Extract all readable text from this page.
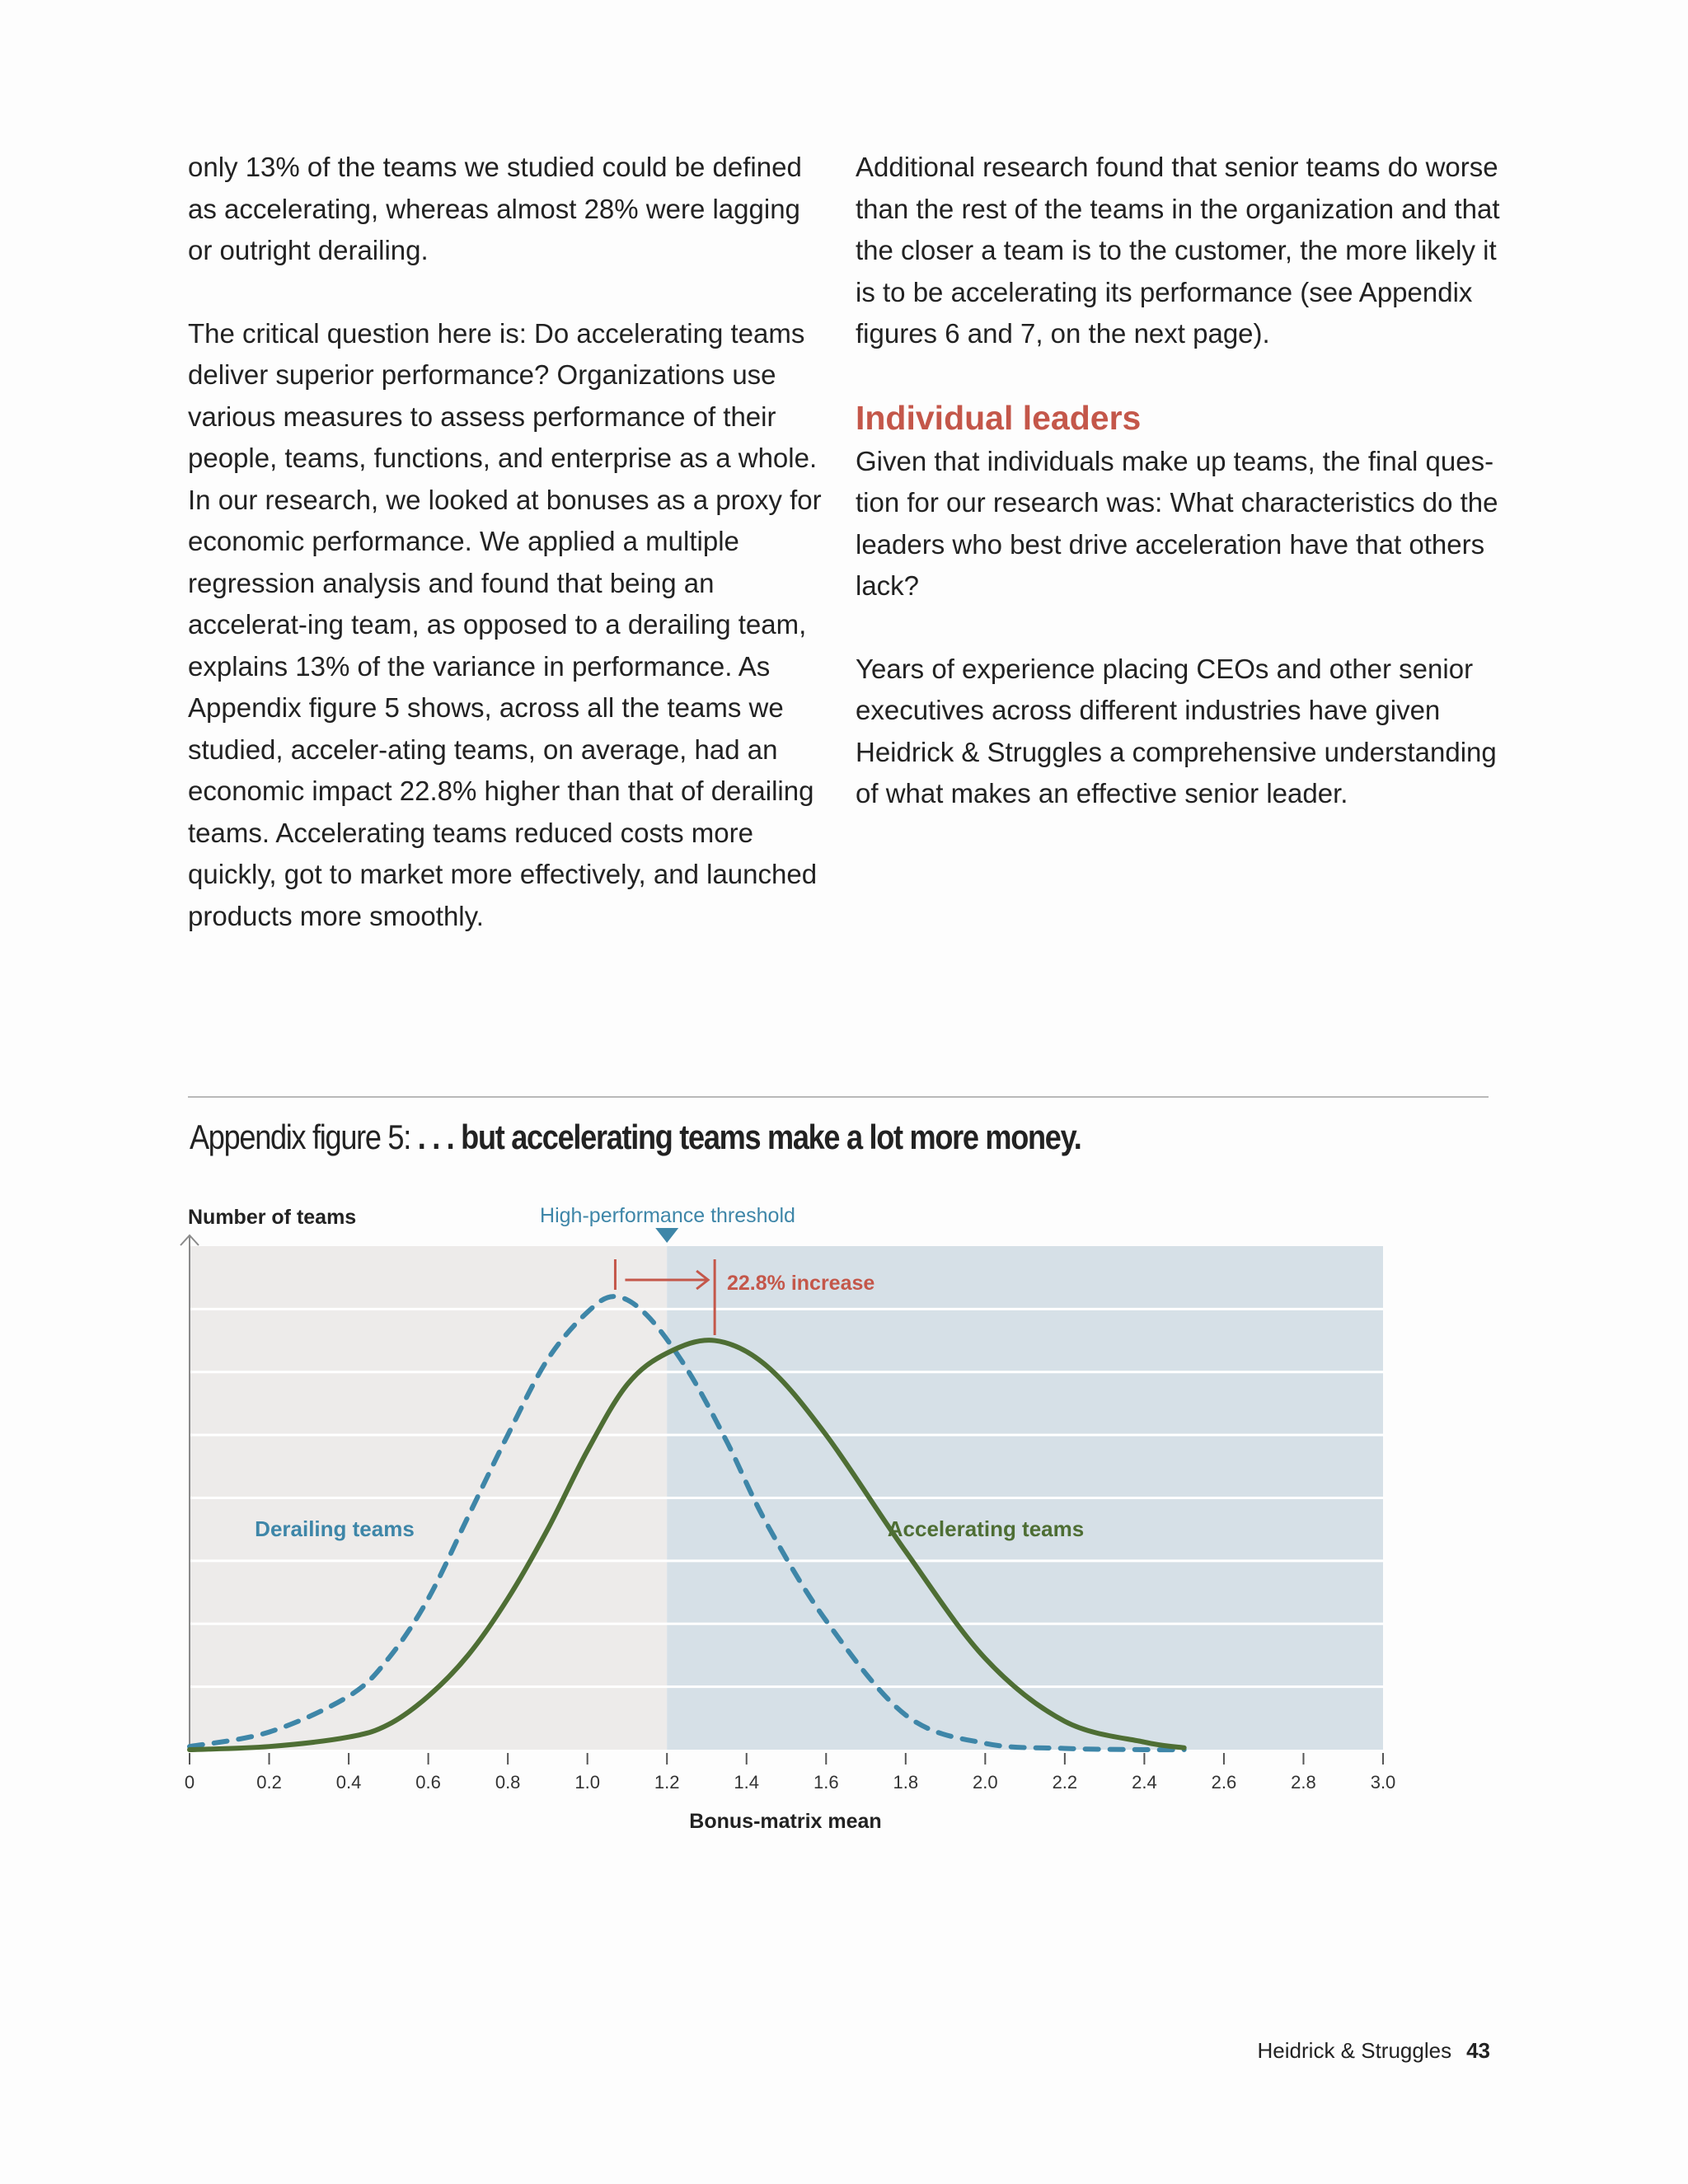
only 13% of the teams we studied could be defined as accelerating, whereas almost 28% were lagging or outright derailing.

The critical question here is: Do accelerating teams deliver superior performance? Organizations use various measures to assess performance of their people, teams, functions, and enterprise as a whole. In our research, we looked at bonuses as a proxy for economic performance. We applied a multiple regression analysis and found that being an accelerat-ing team, as opposed to a derailing team, explains 13% of the variance in performance. As Appendix figure 5 shows, across all the teams we studied, acceler-ating teams, on average, had an economic impact 22.8% higher than that of derailing teams. Accelerating teams reduced costs more quickly, got to market more effectively, and launched products more smoothly.

Additional research found that senior teams do worse than the rest of the teams in the organization and that the closer a team is to the customer, the more likely it is to be accelerating its performance (see Appendix figures 6 and 7, on the next page).

Individual leaders

Given that individuals make up teams, the final ques-tion for our research was: What characteristics do the leaders who best drive acceleration have that others lack?

Years of experience placing CEOs and other senior executives across different industries have given Heidrick & Struggles a comprehensive understanding of what makes an effective senior leader.

Appendix figure 5: . . . but accelerating teams make a lot more money.
0	0.2	0.4	0.6	0.8	1.0	1.2	1.4	1.6	1.8	2.0	2.2	2.4	2.6	2.8	3.0
Number of teams
Bonus-matrix mean
High-performance threshold
22.8% increase
Derailing teams	Accelerating teams
Heidrick & Struggles 43
